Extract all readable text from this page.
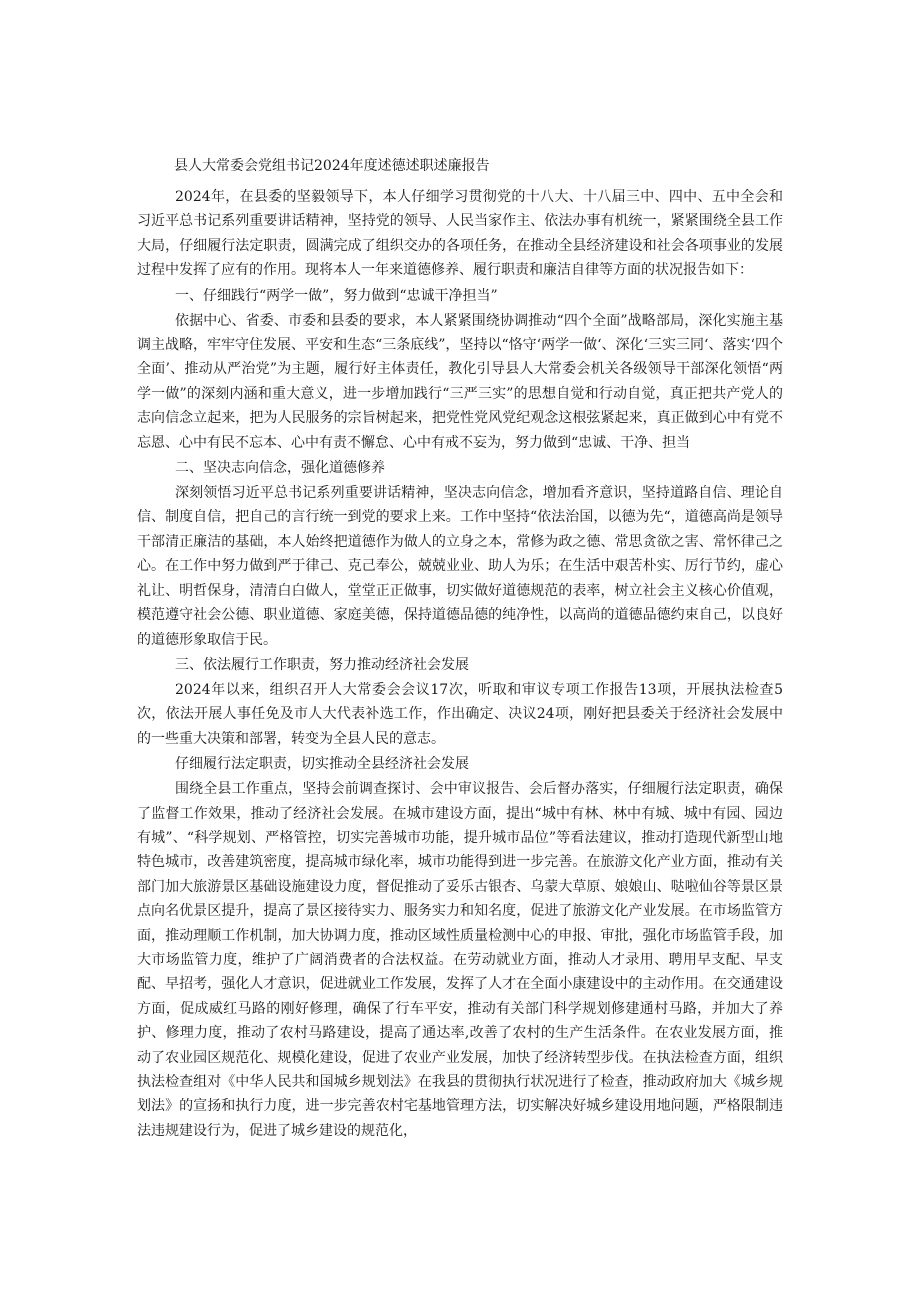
县人大常委会党组书记2024年度述德述职述廉报告

2024年，在县委的坚毅领导下，本人仔细学习贯彻党的十八大、十八届三中、四中、五中全会和习近平总书记系列重要讲话精神，坚持党的领导、人民当家作主、依法办事有机统一，紧紧围绕全县工作大局，仔细履行法定职责，圆满完成了组织交办的各项任务，在推动全县经济建设和社会各项事业的发展过程中发挥了应有的作用。现将本人一年来道德修养、履行职责和廉洁自律等方面的状况报告如下：

一、仔细践行“两学一做”，努力做到“忠诚干净担当”

依据中心、省委、市委和县委的要求，本人紧紧围绕协调推动“四个全面”战略部局，深化实施主基调主战略，牢牢守住发展、平安和生态“三条底线”，坚持以“恪守‘两学一做‘、深化‘三实三同‘、落实‘四个全面’、推动从严治党”为主题，履行好主体责任，教化引导县人大常委会机关各级领导干部深化领悟“两学一做”的深刻内涵和重大意义，进一步增加践行“三严三实”的思想自觉和行动自觉，真正把共产党人的志向信念立起来，把为人民服务的宗旨树起来，把党性党风党纪观念这根弦紧起来，真正做到心中有党不忘恩、心中有民不忘本、心中有责不懈怠、心中有戒不妄为，努力做到“忠诚、干净、担当

二、坚决志向信念，强化道德修养

深刻领悟习近平总书记系列重要讲话精神，坚决志向信念，增加看齐意识，坚持道路自信、理论自信、制度自信，把自己的言行统一到党的要求上来。工作中坚持“依法治国，以德为先“，道德高尚是领导干部清正廉洁的基础，本人始终把道德作为做人的立身之本，常修为政之德、常思贪欲之害、常怀律己之心。在工作中努力做到严于律己、克己奉公，兢兢业业、助人为乐；在生活中艰苦朴实、厉行节约，虚心礼让、明哲保身，清清白白做人，堂堂正正做事，切实做好道德规范的表率，树立社会主义核心价值观，模范遵守社会公德、职业道德、家庭美德，保持道德品德的纯净性，以高尚的道德品德约束自己，以良好的道德形象取信于民。

三、依法履行工作职责，努力推动经济社会发展

2024年以来，组织召开人大常委会会议17次，听取和审议专项工作报告13项，开展执法检查5次，依法开展人事任免及市人大代表补选工作，作出确定、决议24项，刚好把县委关于经济社会发展中的一些重大决策和部署，转变为全县人民的意志。

仔细履行法定职责，切实推动全县经济社会发展

围绕全县工作重点，坚持会前调查探讨、会中审议报告、会后督办落实，仔细履行法定职责，确保了监督工作效果，推动了经济社会发展。在城市建设方面，提出“城中有林、林中有城、城中有园、园边有城”、“科学规划、严格管控，切实完善城市功能，提升城市品位”等看法建议，推动打造现代新型山地特色城市，改善建筑密度，提高城市绿化率，城市功能得到进一步完善。在旅游文化产业方面，推动有关部门加大旅游景区基础设施建设力度，督促推动了妥乐古银杏、乌蒙大草原、娘娘山、哒啦仙谷等景区景点向名优景区提升，提高了景区接待实力、服务实力和知名度，促进了旅游文化产业发展。在市场监管方面，推动理顺工作机制，加大协调力度，推动区域性质量检测中心的申报、审批，强化市场监管手段，加大市场监管力度，维护了广阔消费者的合法权益。在劳动就业方面，推动人才录用、聘用早支配、早支配、早招考，强化人才意识，促进就业工作发展，发挥了人才在全面小康建设中的主动作用。在交通建设方面，促成威红马路的刚好修理，确保了行车平安，推动有关部门科学规划修建通村马路，并加大了养护、修理力度，推动了农村马路建设，提高了通达率,改善了农村的生产生活条件。在农业发展方面，推动了农业园区规范化、规模化建设，促进了农业产业发展，加快了经济转型步伐。在执法检查方面，组织执法检查组对《中华人民共和国城乡规划法》在我县的贯彻执行状况进行了检查，推动政府加大《城乡规划法》的宣扬和执行力度，进一步完善农村宅基地管理方法，切实解决好城乡建设用地问题，严格限制违法违规建设行为，促进了城乡建设的规范化，
